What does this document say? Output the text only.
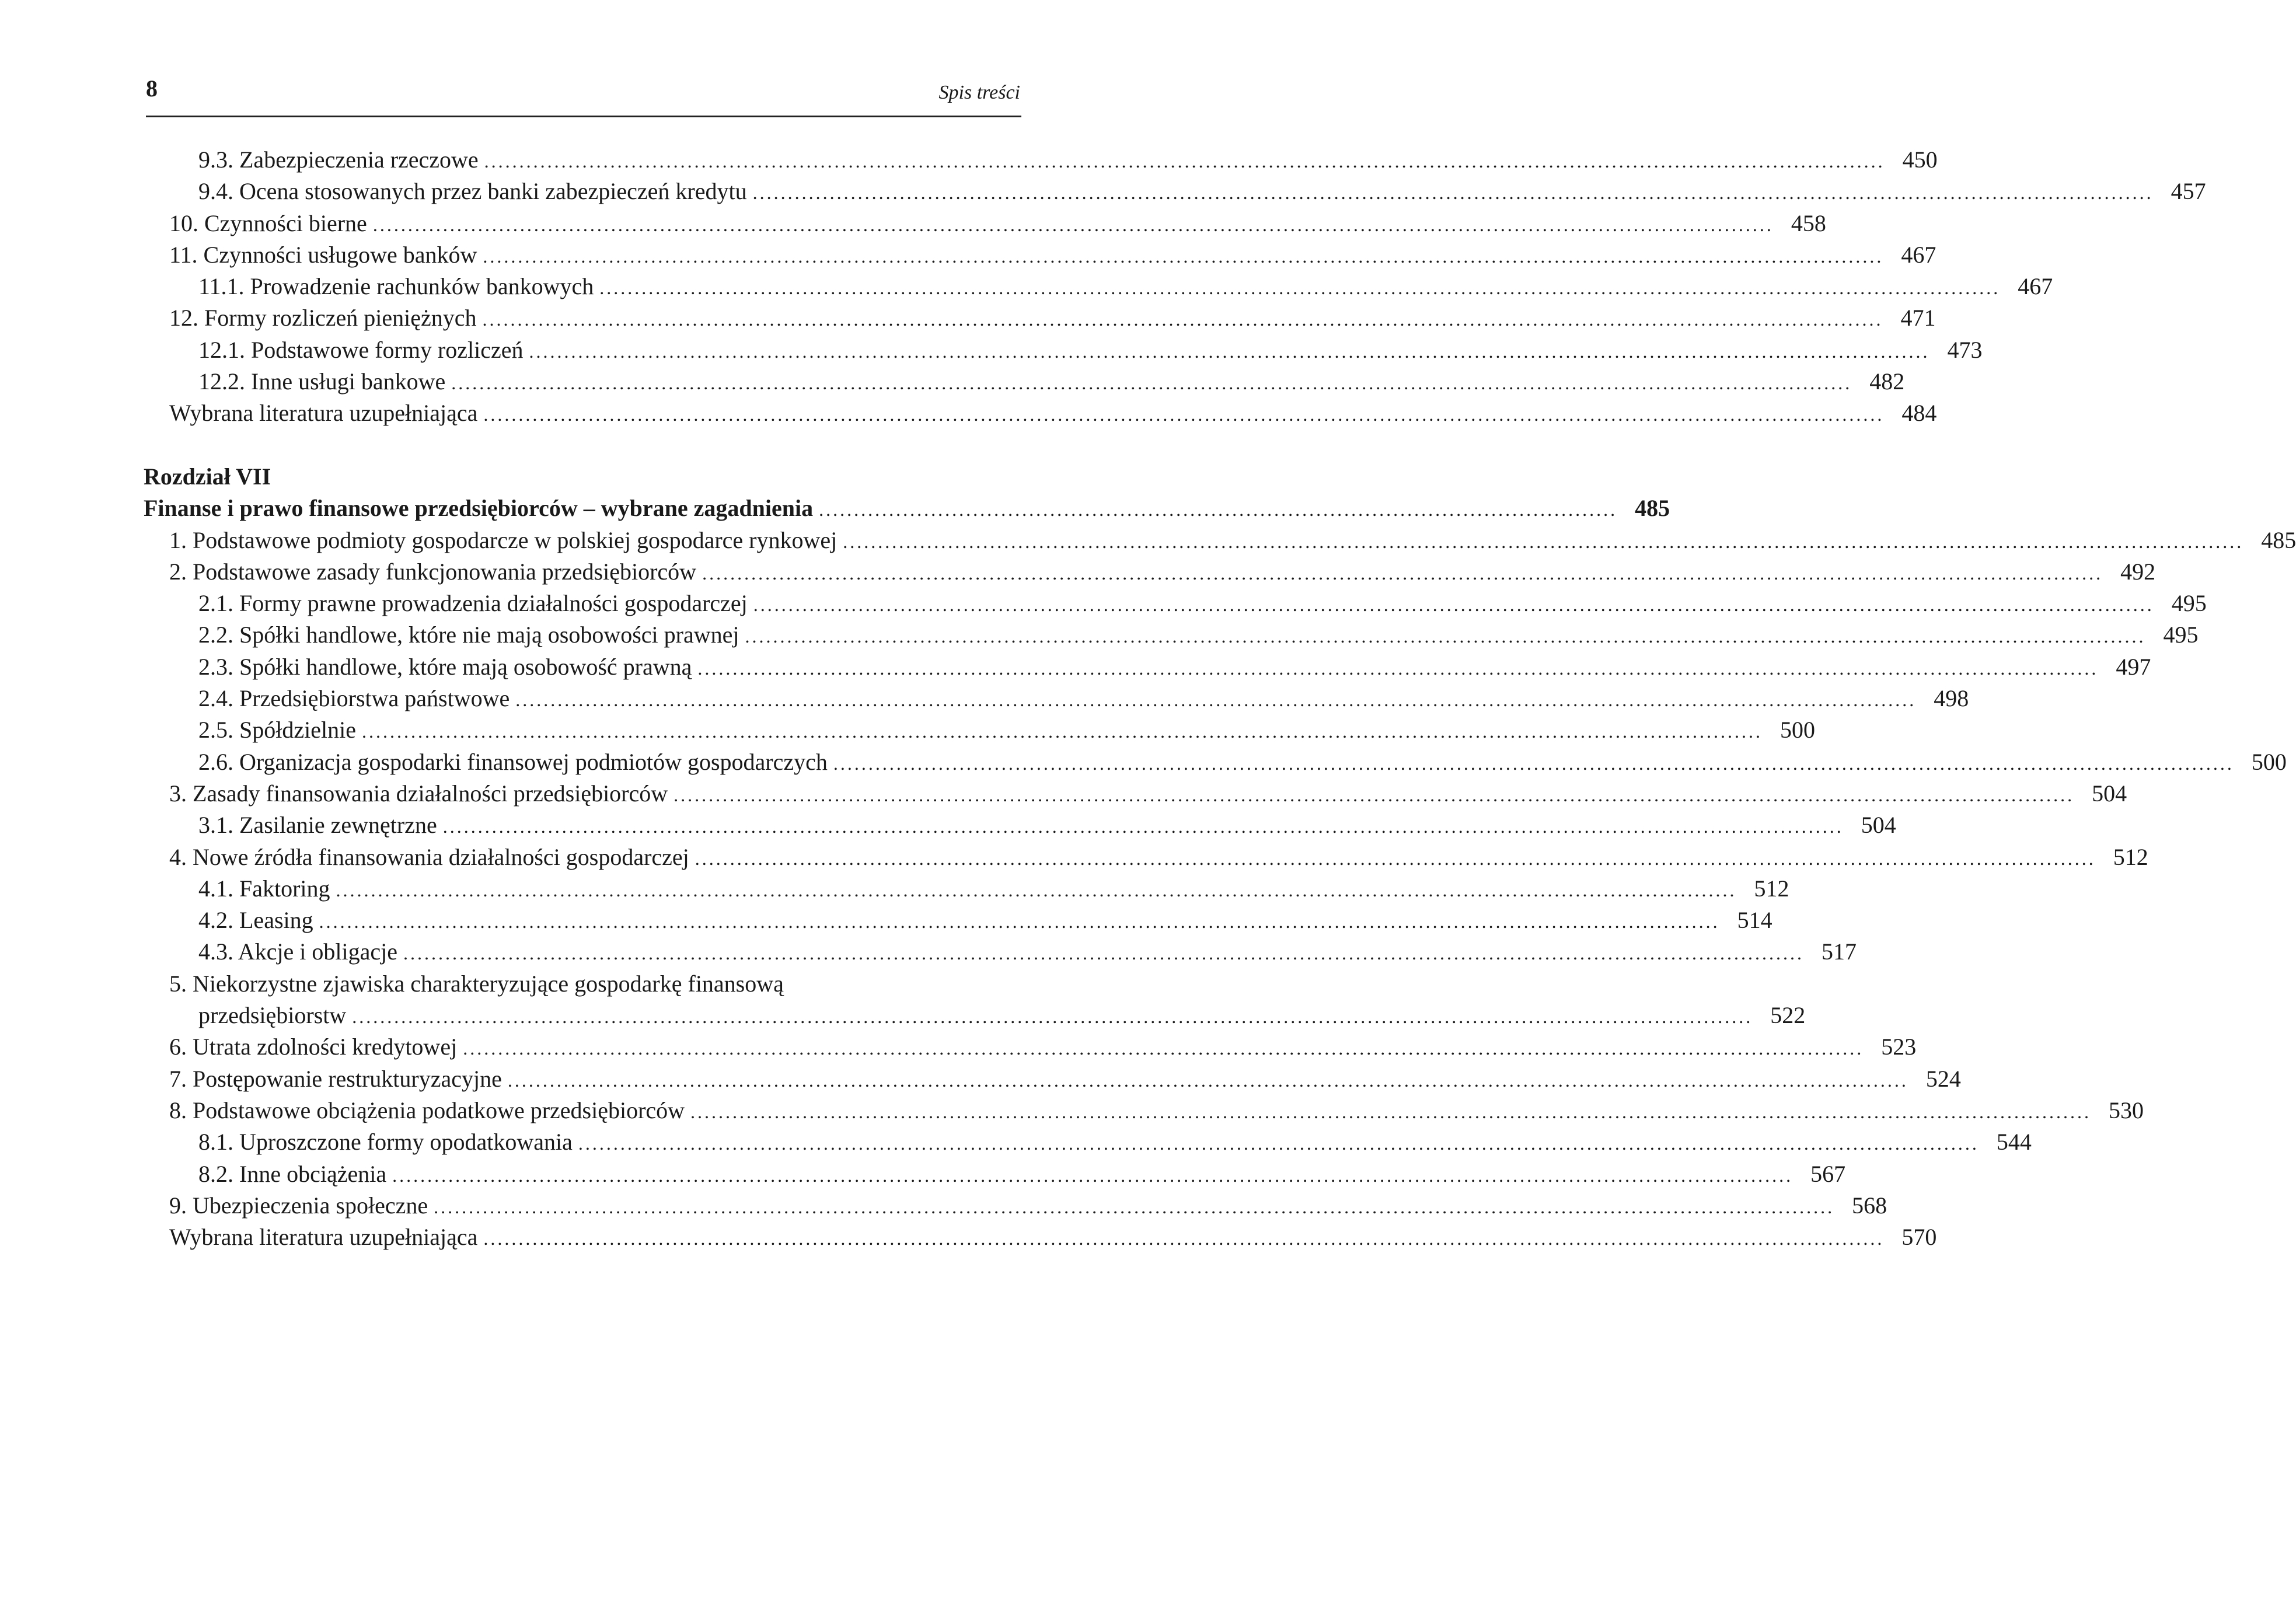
8	Spis treści
9.3. Zabezpieczenia rzeczowe ........................................................................................................................................................................................................ 450
9.4. Ocena stosowanych przez banki zabezpieczeń kredytu ........................................................................................................................................................................................................ 457
10. Czynności bierne ........................................................................................................................................................................................................ 458
11. Czynności usługowe banków ........................................................................................................................................................................................................ 467
11.1. Prowadzenie rachunków bankowych ........................................................................................................................................................................................................ 467
12. Formy rozliczeń pieniężnych ........................................................................................................................................................................................................ 471
12.1. Podstawowe formy rozliczeń ........................................................................................................................................................................................................ 473
12.2. Inne usługi bankowe ........................................................................................................................................................................................................ 482
Wybrana literatura uzupełniająca ........................................................................................................................................................................................................ 484
Rozdział VII
Finanse i prawo finansowe przedsiębiorców – wybrane zagadnienia .................................................................................................................. 485
1. Podstawowe podmioty gospodarcze w polskiej gospodarce rynkowej ........................................................................................................................................................................................................ 485
2. Podstawowe zasady funkcjonowania przedsiębiorców ........................................................................................................................................................................................................ 492
2.1. Formy prawne prowadzenia działalności gospodarczej ........................................................................................................................................................................................................ 495
2.2. Spółki handlowe, które nie mają osobowości prawnej ........................................................................................................................................................................................................ 495
2.3. Spółki handlowe, które mają osobowość prawną ........................................................................................................................................................................................................ 497
2.4. Przedsiębiorstwa państwowe ........................................................................................................................................................................................................ 498
2.5. Spółdzielnie ........................................................................................................................................................................................................ 500
2.6. Organizacja gospodarki finansowej podmiotów gospodarczych ........................................................................................................................................................................................................ 500
3. Zasady finansowania działalności przedsiębiorców ........................................................................................................................................................................................................ 504
3.1. Zasilanie zewnętrzne ........................................................................................................................................................................................................ 504
4. Nowe źródła finansowania działalności gospodarczej ........................................................................................................................................................................................................ 512
4.1. Faktoring ........................................................................................................................................................................................................ 512
4.2. Leasing ........................................................................................................................................................................................................ 514
4.3. Akcje i obligacje ........................................................................................................................................................................................................ 517
5. Niekorzystne zjawiska charakteryzujące gospodarkę finansową
przedsiębiorstw ........................................................................................................................................................................................................ 522
6. Utrata zdolności kredytowej ........................................................................................................................................................................................................ 523
7. Postępowanie restrukturyzacyjne ........................................................................................................................................................................................................ 524
8. Podstawowe obciążenia podatkowe przedsiębiorców ........................................................................................................................................................................................................ 530
8.1. Uproszczone formy opodatkowania ........................................................................................................................................................................................................ 544
8.2. Inne obciążenia ........................................................................................................................................................................................................ 567
9. Ubezpieczenia społeczne ........................................................................................................................................................................................................ 568
Wybrana literatura uzupełniająca ........................................................................................................................................................................................................ 570
